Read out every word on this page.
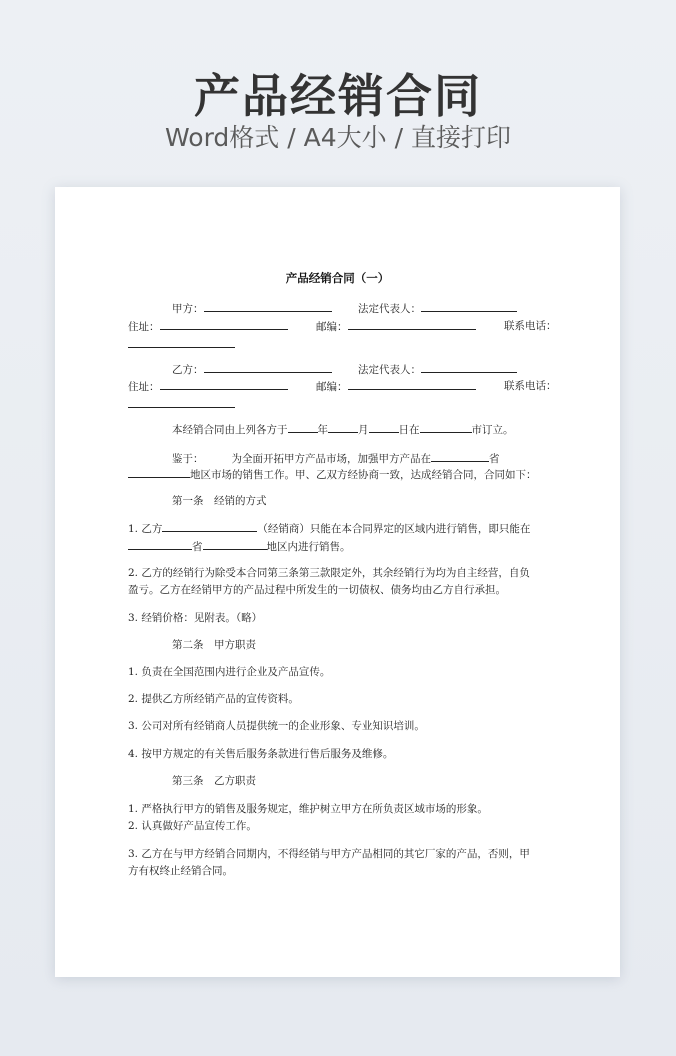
产品经销合同
Word格式 / A4大小 / 直接打印
产品经销合同（一）
甲方：	法定代表人：
住址：	邮编：	联系电话：
乙方：	法定代表人：
住址：	邮编：	联系电话：
本经销合同由上列各方于	年	月	日在	市订立。
鉴于：	为全面开拓甲方产品市场，加强甲方产品在	省
地区市场的销售工作。甲、乙双方经协商一致，达成经销合同，合同如下：
第一条　经销的方式
1. 乙方	（经销商）只能在本合同界定的区域内进行销售，即只能在
省	地区内进行销售。
2. 乙方的经销行为除受本合同第三条第三款限定外，其余经销行为均为自主经营，自负
盈亏。乙方在经销甲方的产品过程中所发生的一切债权、债务均由乙方自行承担。
3. 经销价格：见附表。（略）
第二条　甲方职责
1. 负责在全国范围内进行企业及产品宣传。
2. 提供乙方所经销产品的宣传资料。
3. 公司对所有经销商人员提供统一的企业形象、专业知识培训。
4. 按甲方规定的有关售后服务条款进行售后服务及维修。
第三条　乙方职责
1. 严格执行甲方的销售及服务规定，维护树立甲方在所负责区域市场的形象。
2. 认真做好产品宣传工作。
3. 乙方在与甲方经销合同期内，不得经销与甲方产品相同的其它厂家的产品，否则，甲
方有权终止经销合同。
